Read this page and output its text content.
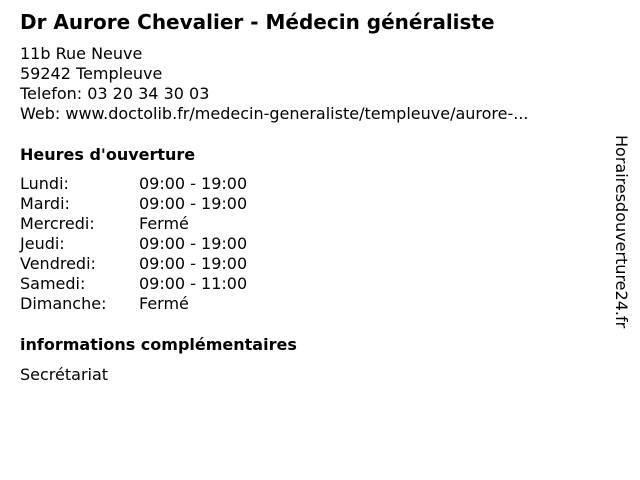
Dr Aurore Chevalier - Médecin généraliste
11b Rue Neuve
59242 Templeuve
Telefon: 03 20 34 30 03
Web: www.doctolib.fr/medecin-generaliste/templeuve/aurore-...
Heures d'ouverture
Lundi:	09:00 - 19:00
Mardi:	09:00 - 19:00
Mercredi:	Fermé
Jeudi:	09:00 - 19:00
Vendredi:	09:00 - 19:00
Samedi:	09:00 - 11:00
Dimanche:	Fermé
informations complémentaires
Secrétariat
Horairesdouverture24.fr
